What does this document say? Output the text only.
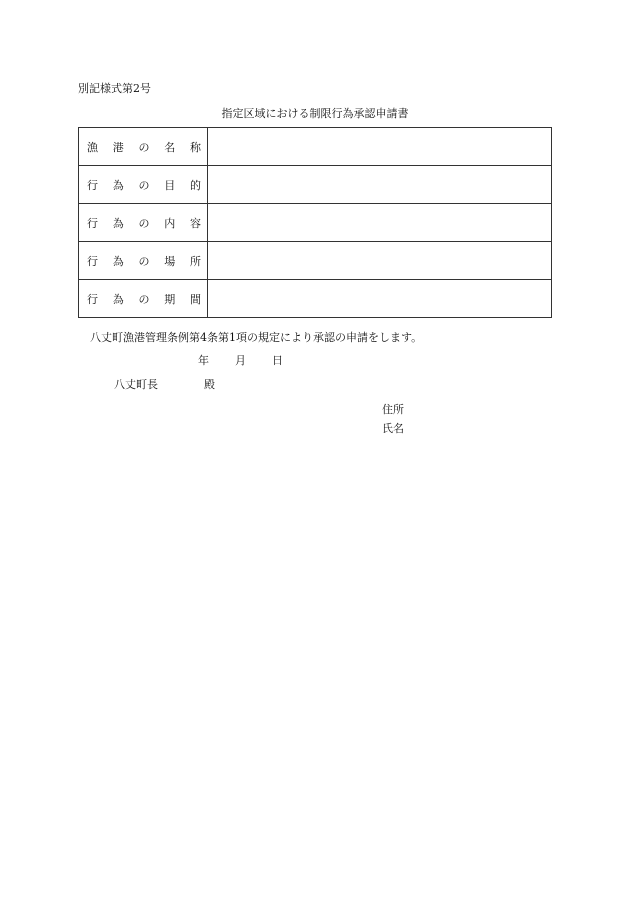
別記様式第2号
指定区域における制限行為承認申請書
漁 港 の 名 称	

行 為 の 目 的	

行 為 の 内 容	

行 為 の 場 所	

行 為 の 期 間	

八丈町漁港管理条例第4条第1項の規定により承認の申請をします。
年 月 日
八丈町長	殿
住所
氏名
